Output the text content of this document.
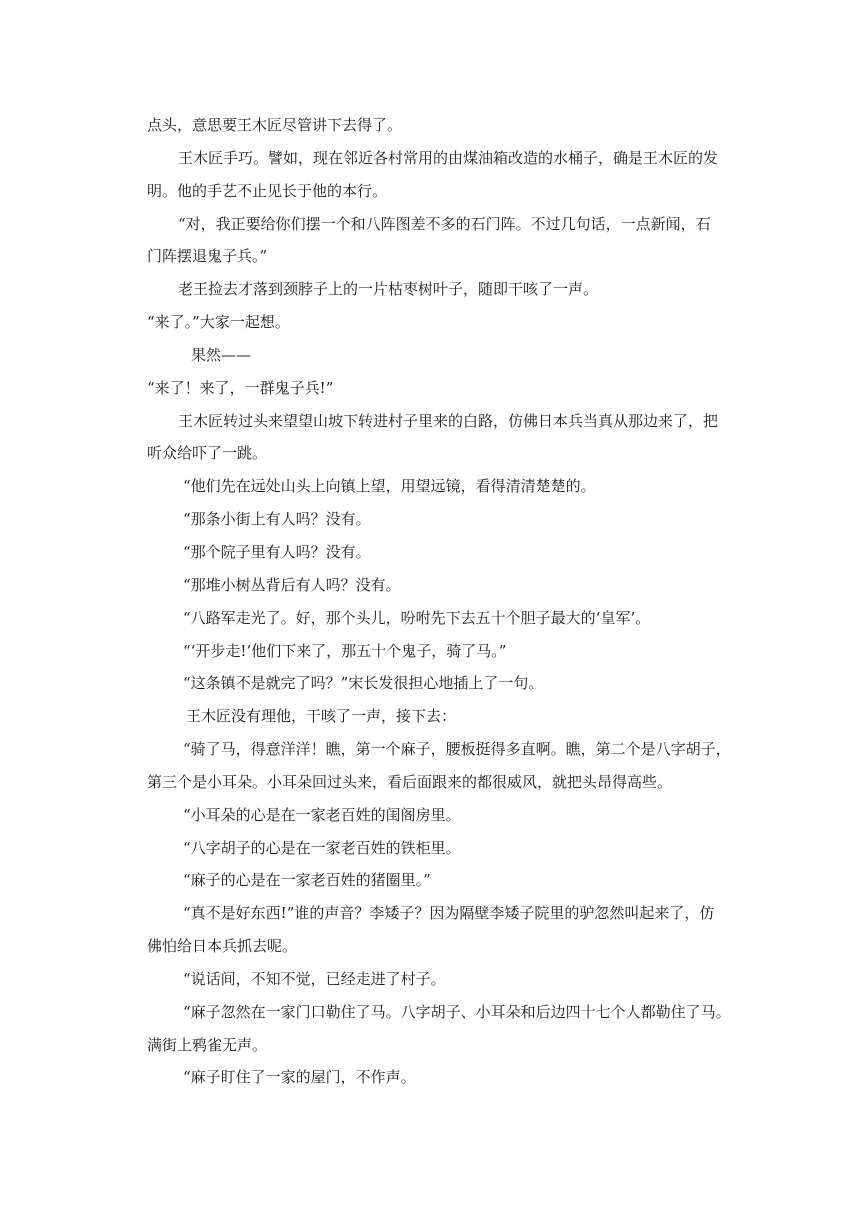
点头，意思要王木匠尽管讲下去得了。
王木匠手巧。譬如，现在邻近各村常用的由煤油箱改造的水桶子，确是王木匠的发
明。他的手艺不止见长于他的本行。
“对，我正要给你们摆一个和八阵图差不多的石门阵。不过几句话，一点新闻，石
门阵摆退鬼子兵。”
老王捡去才落到颈脖子上的一片枯枣树叶子，随即干咳了一声。
“来了。”大家一起想。
果然——
“来了！来了，一群鬼子兵!”
王木匠转过头来望望山坡下转进村子里来的白路，仿佛日本兵当真从那边来了，把
听众给吓了一跳。
“他们先在远处山头上向镇上望，用望远镜，看得清清楚楚的。
“那条小街上有人吗？没有。
“那个院子里有人吗？没有。
“那堆小树丛背后有人吗？没有。
“八路军走光了。好，那个头儿，吩咐先下去五十个胆子最大的‘皇军’。
“‘开步走!’他们下来了，那五十个鬼子，骑了马。”
“这条镇不是就完了吗？”宋长发很担心地插上了一句。
王木匠没有理他，干咳了一声，接下去：
“骑了马，得意洋洋！瞧，第一个麻子，腰板挺得多直啊。瞧，第二个是八字胡子，
第三个是小耳朵。小耳朵回过头来，看后面跟来的都很威风，就把头昂得高些。
“小耳朵的心是在一家老百姓的闺阁房里。
“八字胡子的心是在一家老百姓的铁柜里。
“麻子的心是在一家老百姓的猪圈里。”
“真不是好东西!”谁的声音？李矮子？因为隔壁李矮子院里的驴忽然叫起来了，仿
佛怕给日本兵抓去呢。
“说话间，不知不觉，已经走进了村子。
“麻子忽然在一家门口勒住了马。八字胡子、小耳朵和后边四十七个人都勒住了马。
满街上鸦雀无声。
“麻子盯住了一家的屋门，不作声。
